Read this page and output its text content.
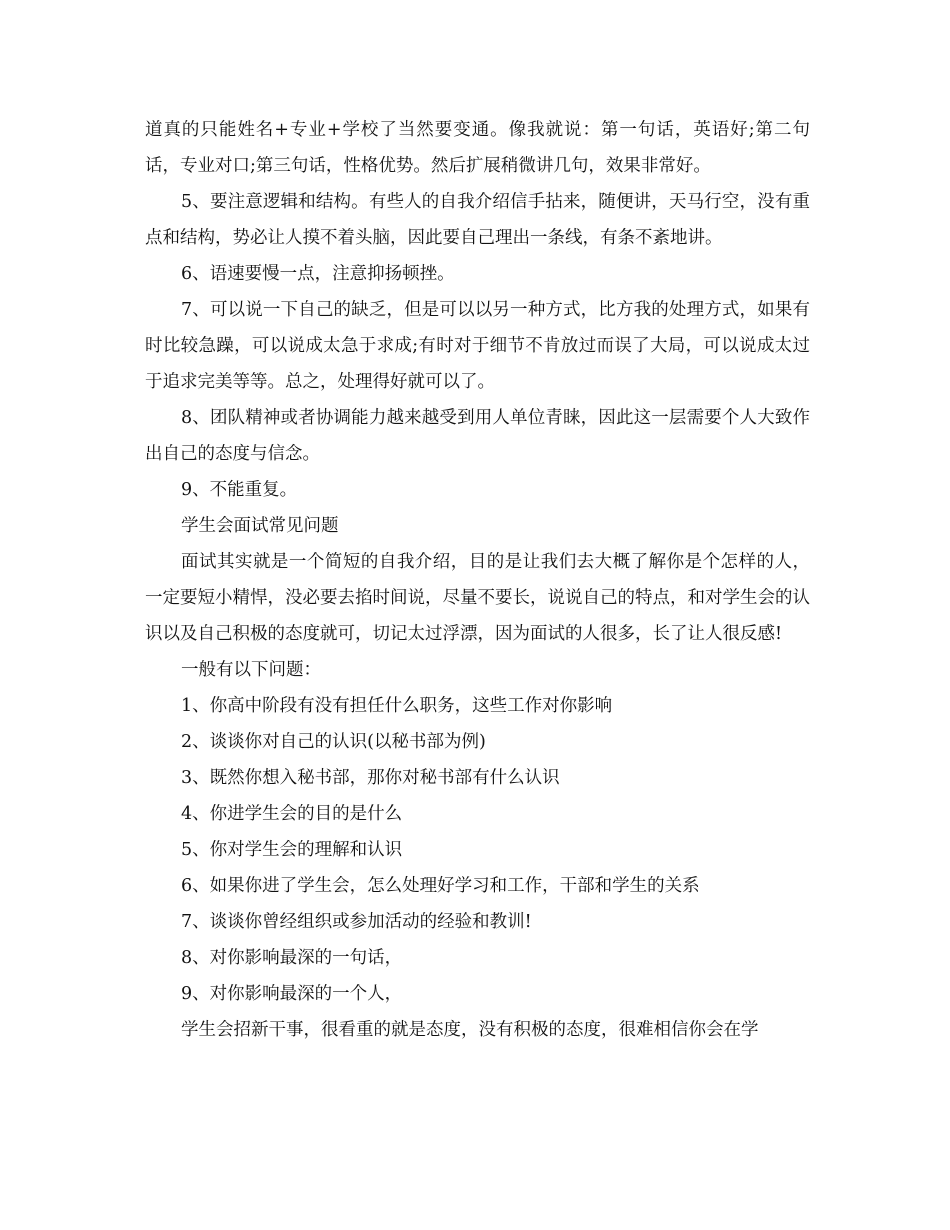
道真的只能姓名+专业+学校了当然要变通。像我就说：第一句话，英语好;第二句话，专业对口;第三句话，性格优势。然后扩展稍微讲几句，效果非常好。

5、要注意逻辑和结构。有些人的自我介绍信手拈来，随便讲，天马行空，没有重点和结构，势必让人摸不着头脑，因此要自己理出一条线，有条不紊地讲。

6、语速要慢一点，注意抑扬顿挫。

7、可以说一下自己的缺乏，但是可以以另一种方式，比方我的处理方式，如果有时比较急躁，可以说成太急于求成;有时对于细节不肯放过而误了大局，可以说成太过于追求完美等等。总之，处理得好就可以了。

8、团队精神或者协调能力越来越受到用人单位青睐，因此这一层需要个人大致作出自己的态度与信念。

9、不能重复。

学生会面试常见问题

面试其实就是一个简短的自我介绍，目的是让我们去大概了解你是个怎样的人，一定要短小精悍，没必要去掐时间说，尽量不要长，说说自己的特点，和对学生会的认识以及自己积极的态度就可，切记太过浮漂，因为面试的人很多，长了让人很反感!

一般有以下问题：

1、你高中阶段有没有担任什么职务，这些工作对你影响

2、谈谈你对自己的认识(以秘书部为例)

3、既然你想入秘书部，那你对秘书部有什么认识

4、你进学生会的目的是什么

5、你对学生会的理解和认识

6、如果你进了学生会，怎么处理好学习和工作，干部和学生的关系

7、谈谈你曾经组织或参加活动的经验和教训!

8、对你影响最深的一句话，

9、对你影响最深的一个人，

学生会招新干事，很看重的就是态度，没有积极的态度，很难相信你会在学
